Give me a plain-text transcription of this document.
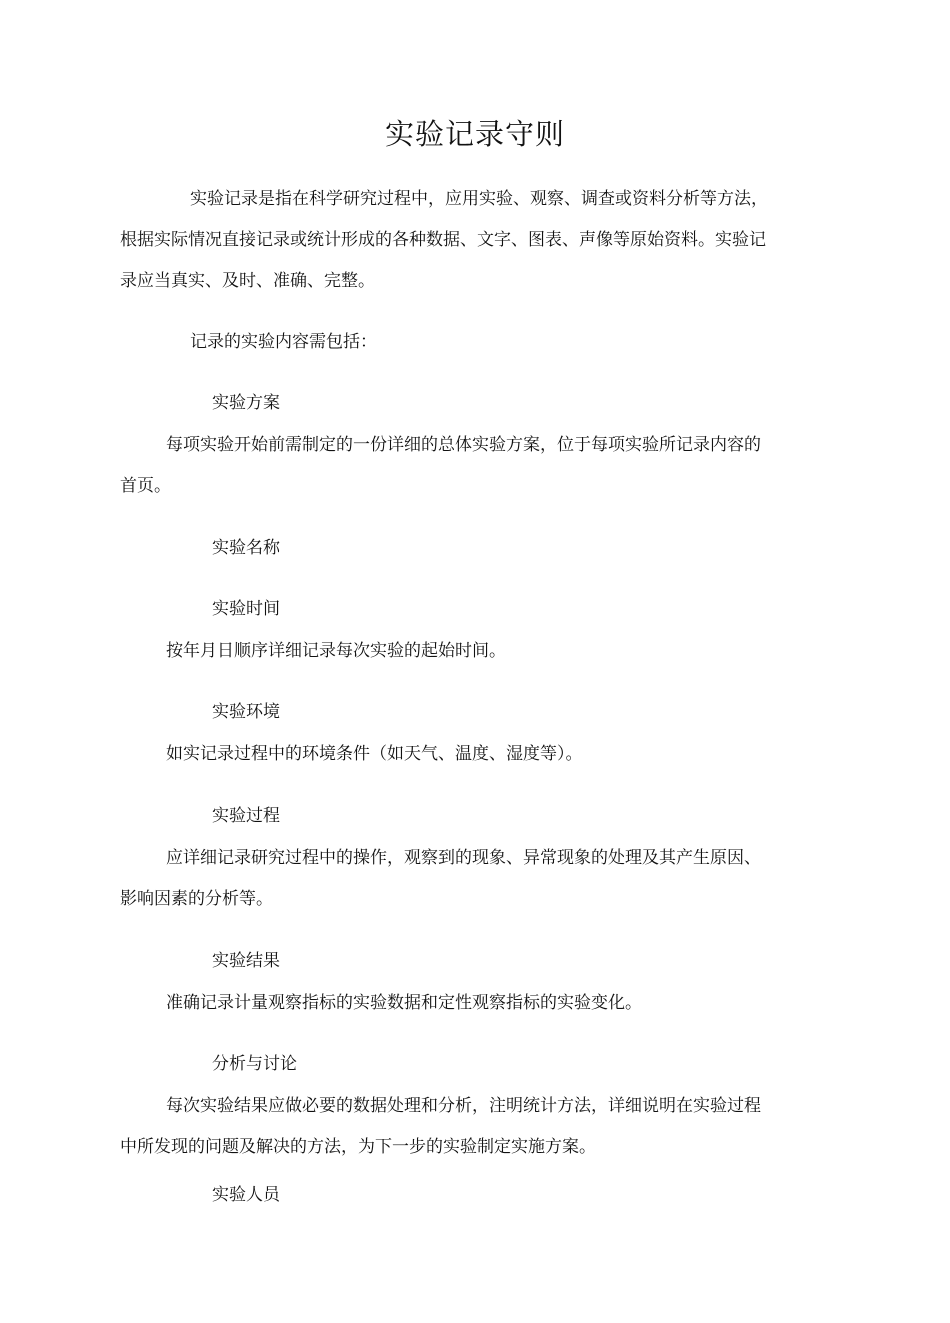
实验记录守则
实验记录是指在科学研究过程中，应用实验、观察、调查或资料分析等方法，
根据实际情况直接记录或统计形成的各种数据、文字、图表、声像等原始资料。实验记
录应当真实、及时、准确、完整。
记录的实验内容需包括：
实验方案
每项实验开始前需制定的一份详细的总体实验方案，位于每项实验所记录内容的
首页。
实验名称
实验时间
按年月日顺序详细记录每次实验的起始时间。
实验环境
如实记录过程中的环境条件（如天气、温度、湿度等）。
实验过程
应详细记录研究过程中的操作，观察到的现象、异常现象的处理及其产生原因、
影响因素的分析等。
实验结果
准确记录计量观察指标的实验数据和定性观察指标的实验变化。
分析与讨论
每次实验结果应做必要的数据处理和分析，注明统计方法，详细说明在实验过程
中所发现的问题及解决的方法，为下一步的实验制定实施方案。
实验人员
